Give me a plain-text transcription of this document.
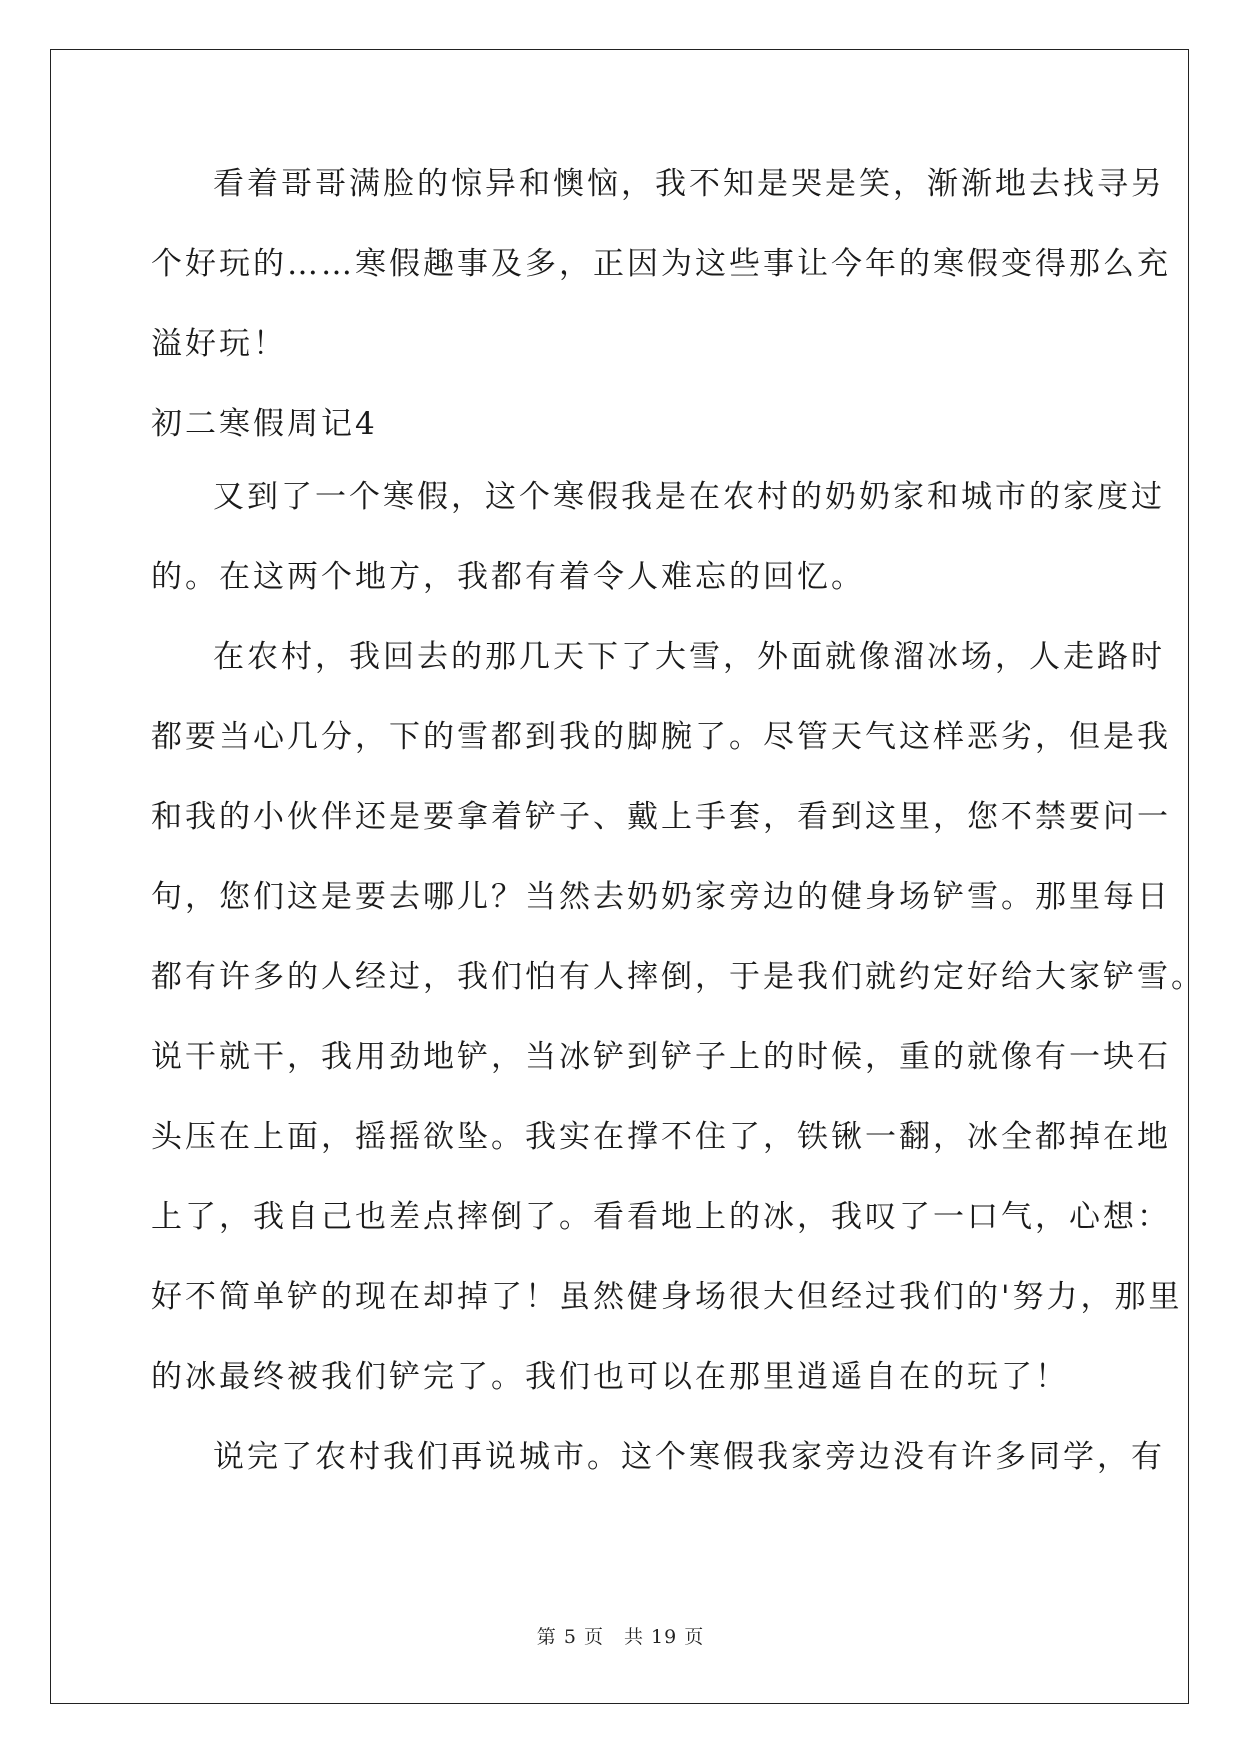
看着哥哥满脸的惊异和懊恼，我不知是哭是笑，渐渐地去找寻另
个好玩的……寒假趣事及多，正因为这些事让今年的寒假变得那么充
溢好玩！
初二寒假周记4
又到了一个寒假，这个寒假我是在农村的奶奶家和城市的家度过
的。在这两个地方，我都有着令人难忘的回忆。
在农村，我回去的那几天下了大雪，外面就像溜冰场，人走路时
都要当心几分，下的雪都到我的脚腕了。尽管天气这样恶劣，但是我
和我的小伙伴还是要拿着铲子、戴上手套，看到这里，您不禁要问一
句，您们这是要去哪儿？当然去奶奶家旁边的健身场铲雪。那里每日
都有许多的人经过，我们怕有人摔倒，于是我们就约定好给大家铲雪。
说干就干，我用劲地铲，当冰铲到铲子上的时候，重的就像有一块石
头压在上面，摇摇欲坠。我实在撑不住了，铁锹一翻，冰全都掉在地
上了，我自己也差点摔倒了。看看地上的冰，我叹了一口气，心想：
好不简单铲的现在却掉了！虽然健身场很大但经过我们的'努力，那里
的冰最终被我们铲完了。我们也可以在那里逍遥自在的玩了！
说完了农村我们再说城市。这个寒假我家旁边没有许多同学，有
第 5 页　共 19 页
